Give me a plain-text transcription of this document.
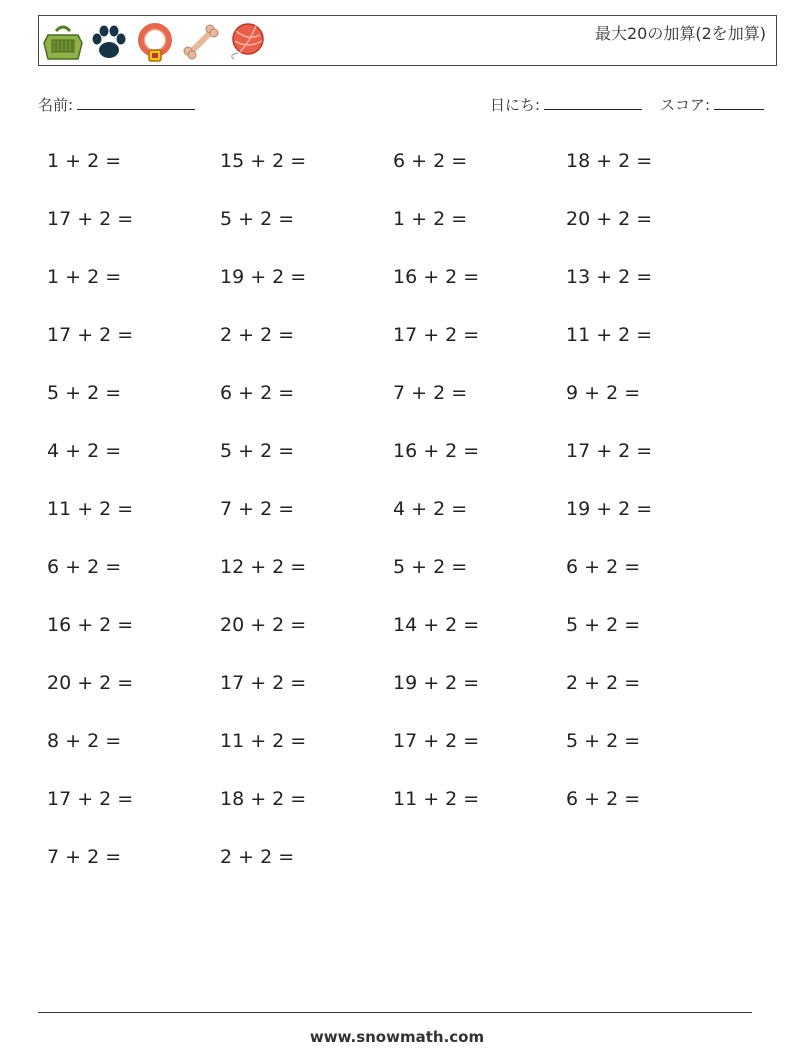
最大20の加算(2を加算)
名前:	日にち:	スコア:
1 + 2 =	15 + 2 =	6 + 2 =	18 + 2 =
17 + 2 =	5 + 2 =	1 + 2 =	20 + 2 =
1 + 2 =	19 + 2 =	16 + 2 =	13 + 2 =
17 + 2 =	2 + 2 =	17 + 2 =	11 + 2 =
5 + 2 =	6 + 2 =	7 + 2 =	9 + 2 =
4 + 2 =	5 + 2 =	16 + 2 =	17 + 2 =
11 + 2 =	7 + 2 =	4 + 2 =	19 + 2 =
6 + 2 =	12 + 2 =	5 + 2 =	6 + 2 =
16 + 2 =	20 + 2 =	14 + 2 =	5 + 2 =
20 + 2 =	17 + 2 =	19 + 2 =	2 + 2 =
8 + 2 =	11 + 2 =	17 + 2 =	5 + 2 =
17 + 2 =	18 + 2 =	11 + 2 =	6 + 2 =
7 + 2 =	2 + 2 =
www.snowmath.com
